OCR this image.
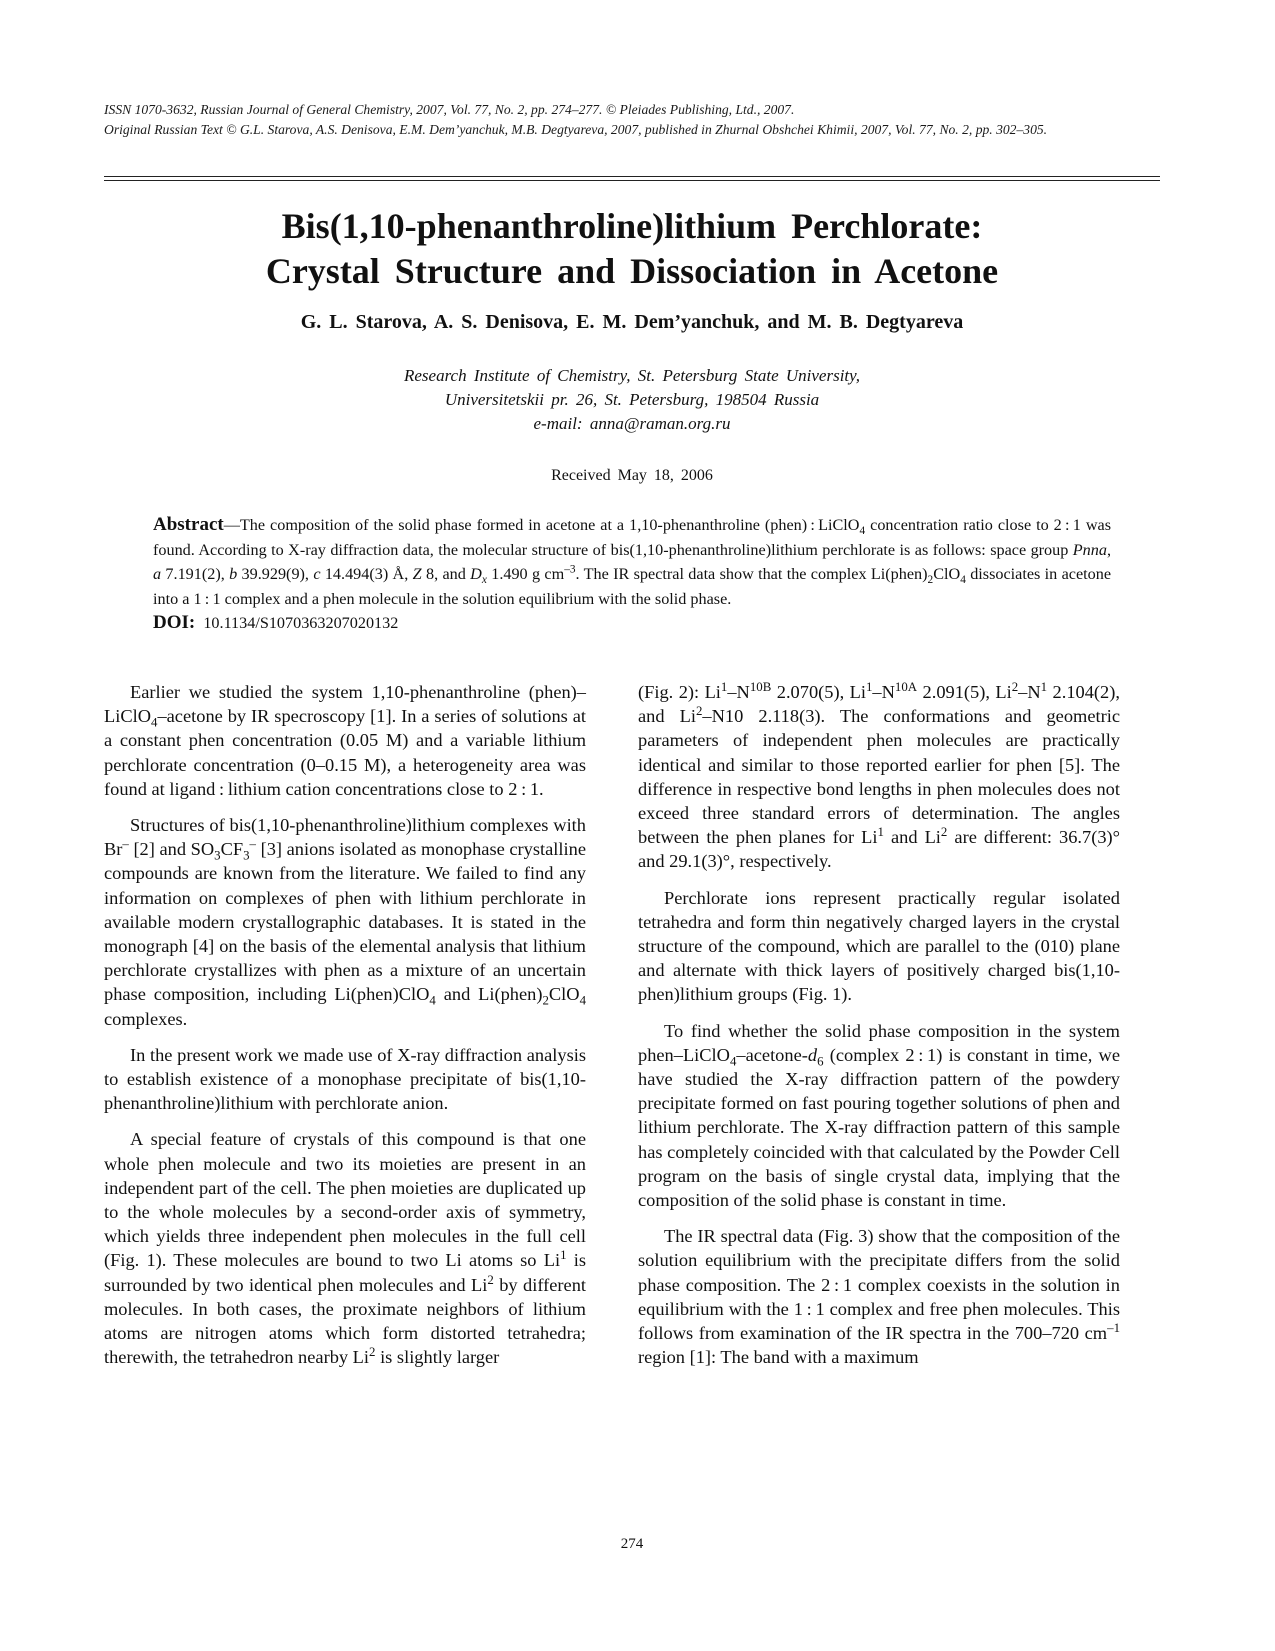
ISSN 1070-3632, Russian Journal of General Chemistry, 2007, Vol. 77, No. 2, pp. 274–277. © Pleiades Publishing, Ltd., 2007.
Original Russian Text © G.L. Starova, A.S. Denisova, E.M. Dem’yanchuk, M.B. Degtyareva, 2007, published in Zhurnal Obshchei Khimii, 2007, Vol. 77, No. 2, pp. 302–305.
Bis(1,10-phenanthroline)lithium Perchlorate:
Crystal Structure and Dissociation in Acetone
G. L. Starova, A. S. Denisova, E. M. Dem’yanchuk, and M. B. Degtyareva
Research Institute of Chemistry, St. Petersburg State University,
Universitetskii pr. 26, St. Petersburg, 198504 Russia
e-mail: anna@raman.org.ru
Received May 18, 2006
Abstract—The composition of the solid phase formed in acetone at a 1,10-phenanthroline (phen) : LiClO$_4$ concentration ratio close to 2 : 1 was found. According to X-ray diffraction data, the molecular structure of bis(1,10-phenanthroline)lithium perchlorate is as follows: space group Pnna, a 7.191(2), b 39.929(9), c 14.494(3) Å, Z 8, and $D_x$ 1.490 g $cm^{-3}$. The IR spectral data show that the complex $Li(phen)_2ClO_4$ dissociates in acetone into a 1 : 1 complex and a phen molecule in the solution equilibrium with the solid phase.
DOI: 10.1134/S1070363207020132

Earlier we studied the system 1,10-phenanthroline (phen)–LiClO$_4$–acetone by IR specroscopy [1]. In a series of solutions at a constant phen concentration (0.05 M) and a variable lithium perchlorate concentration (0–0.15 M), a heterogeneity area was found at ligand : lithium cation concentrations close to 2 : 1.

Structures of bis(1,10-phenanthroline)lithium complexes with Br– [2] and $SO_3CF_3^-$ [3] anions isolated as monophase crystalline compounds are known from the literature. We failed to find any information on complexes of phen with lithium perchlorate in available modern crystallographic databases. It is stated in the monograph [4] on the basis of the elemental analysis that lithium perchlorate crystallizes with phen as a mixture of an uncertain phase composition, including Li(phen)ClO$_4$ and $Li(phen)_2ClO_4$ complexes.

In the present work we made use of X-ray diffraction analysis to establish existence of a monophase precipitate of bis(1,10-phenanthroline)lithium with perchlorate anion.

A special feature of crystals of this compound is that one whole phen molecule and two its moieties are present in an independent part of the cell. The phen moieties are duplicated up to the whole molecules by a second-order axis of symmetry, which yields three independent phen molecules in the full cell (Fig. 1). These molecules are bound to two Li atoms so Li$^1$ is surrounded by two identical phen molecules and Li$^2$ by different molecules. In both cases, the proximate neighbors of lithium atoms are nitrogen atoms which form distorted tetrahedra; therewith, the tetrahedron nearby Li$^2$ is slightly larger

(Fig. 2): $Li^1-N^{10B}$ 2.070(5), $Li^1-N^{10A}$ 2.091(5), $Li^2-N^1$ 2.104(2), and Li$^2$–N10 2.118(3). The conformations and geometric parameters of independent phen molecules are practically identical and similar to those reported earlier for phen [5]. The difference in respective bond lengths in phen molecules does not exceed three standard errors of determination. The angles between the phen planes for Li$^1$ and Li$^2$ are different: 36.7(3)° and 29.1(3)°, respectively.

Perchlorate ions represent practically regular isolated tetrahedra and form thin negatively charged layers in the crystal structure of the compound, which are parallel to the (010) plane and alternate with thick layers of positively charged bis(1,10-phen)lithium groups (Fig. 1).

To find whether the solid phase composition in the system phen–$LiClO_4-acetone-d_6$ (complex 2 : 1) is constant in time, we have studied the X-ray diffraction pattern of the powdery precipitate formed on fast pouring together solutions of phen and lithium perchlorate. The X-ray diffraction pattern of this sample has completely coincided with that calculated by the Powder Cell program on the basis of single crystal data, implying that the composition of the solid phase is constant in time.

The IR spectral data (Fig. 3) show that the composition of the solution equilibrium with the precipitate differs from the solid phase composition. The 2 : 1 complex coexists in the solution in equilibrium with the 1 : 1 complex and free phen molecules. This follows from examination of the IR spectra in the 700–720 $cm^{-1}$ region [1]: The band with a maximum

274
